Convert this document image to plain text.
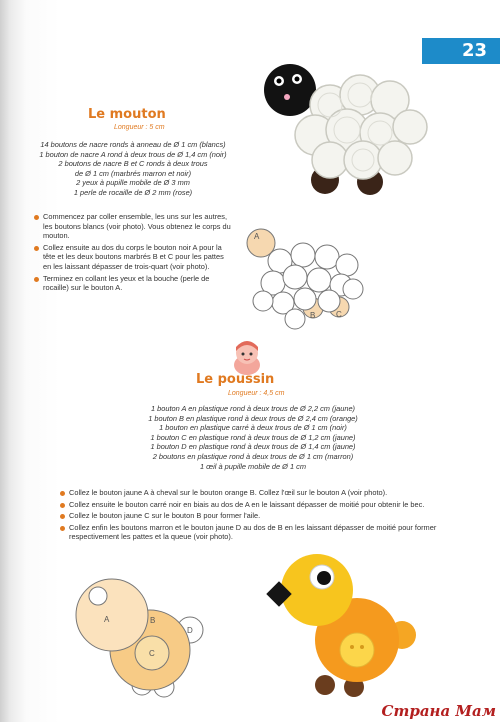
23
Le mouton
Longueur : 5 cm
14 boutons de nacre ronds à anneau de Ø 1 cm (blancs)
1 bouton de nacre A rond à deux trous de Ø 1,4 cm (noir)
2 boutons de nacre B et C ronds à deux trous
de Ø 1 cm (marbrés marron et noir)
2 yeux à pupille mobile de Ø 3 mm
1 perle de rocaille de Ø 2 mm (rose)
Commencez par coller ensemble, les uns sur les autres, les boutons blancs (voir photo). Vous obtenez le corps du mouton.
Collez ensuite au dos du corps le bouton noir A pour la tête et les deux boutons marbrés B et C pour les pattes en les laissant dépasser de trois-quart (voir photo).
Terminez en collant les yeux et la bouche (perle de rocaille) sur le bouton A.
A
B	C
Le poussin
Longueur : 4,5 cm
1 bouton A en plastique rond à deux trous de Ø 2,2 cm (jaune)
1 bouton B en plastique rond à deux trous de Ø 2,4 cm (orange)
1 bouton en plastique carré à deux trous de Ø 1 cm (noir)
1 bouton C en plastique rond à deux trous de Ø 1,2 cm (jaune)
1 bouton D en plastique rond à deux trous de Ø 1,4 cm (jaune)
2 boutons en plastique rond à deux trous de Ø 1 cm (marron)
1 œil à pupille mobile de Ø 1 cm
Collez le bouton jaune A à cheval sur le bouton orange B. Collez l'œil sur le bouton A (voir photo).
Collez ensuite le bouton carré noir en biais au dos de A en le laissant dépasser de moitié pour obtenir le bec.
Collez le bouton jaune C sur le bouton B pour former l'aile.
Collez enfin les boutons marron et le bouton jaune D au dos de B en les laissant dépasser de moitié pour former respectivement les pattes et la queue (voir photo).
A	B
C
D
Страна Мам
